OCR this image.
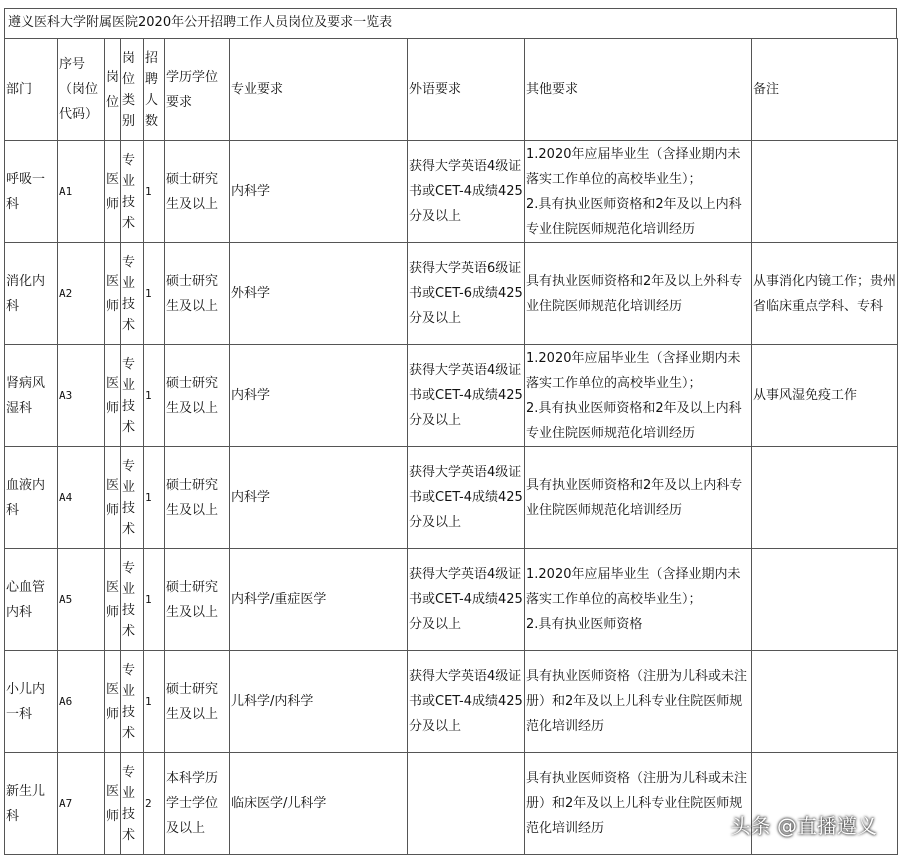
遵义医科大学附属医院2020年公开招聘工作人员岗位及要求一览表
部门	序号（岗位代码）	岗位	岗位类别	招聘人数	学历学位要求	专业要求	外语要求	其他要求	备注
呼吸一科	A1	医师	专业技术	1	硕士研究生及以上	内科学	获得大学英语4级证书或CET-4成绩425分及以上	1.2020年应届毕业生（含择业期内未落实工作单位的高校毕业生）；
2.具有执业医师资格和2年及以上内科专业住院医师规范化培训经历	

消化内科	A2	医师	专业技术	1	硕士研究生及以上	外科学	获得大学英语6级证书或CET-6成绩425分及以上	具有执业医师资格和2年及以上外科专业住院医师规范化培训经历	从事消化内镜工作；贵州省临床重点学科、专科
肾病风湿科	A3	医师	专业技术	1	硕士研究生及以上	内科学	获得大学英语4级证书或CET-4成绩425分及以上	1.2020年应届毕业生（含择业期内未落实工作单位的高校毕业生）；
2.具有执业医师资格和2年及以上内科专业住院医师规范化培训经历	从事风湿免疫工作
血液内科	A4	医师	专业技术	1	硕士研究生及以上	内科学	获得大学英语4级证书或CET-4成绩425分及以上	具有执业医师资格和2年及以上内科专业住院医师规范化培训经历	

心血管内科	A5	医师	专业技术	1	硕士研究生及以上	内科学/重症医学	获得大学英语4级证书或CET-4成绩425分及以上	1.2020年应届毕业生（含择业期内未落实工作单位的高校毕业生）；
2.具有执业医师资格	

小儿内一科	A6	医师	专业技术	1	硕士研究生及以上	儿科学/内科学	获得大学英语4级证书或CET-4成绩425分及以上	具有执业医师资格（注册为儿科或未注册）和2年及以上儿科专业住院医师规范化培训经历	

新生儿科	A7	医师	专业技术	2	本科学历学士学位及以上	临床医学/儿科学		具有执业医师资格（注册为儿科或未注册）和2年及以上儿科专业住院医师规范化培训经历	
		头条 @直播遵义
